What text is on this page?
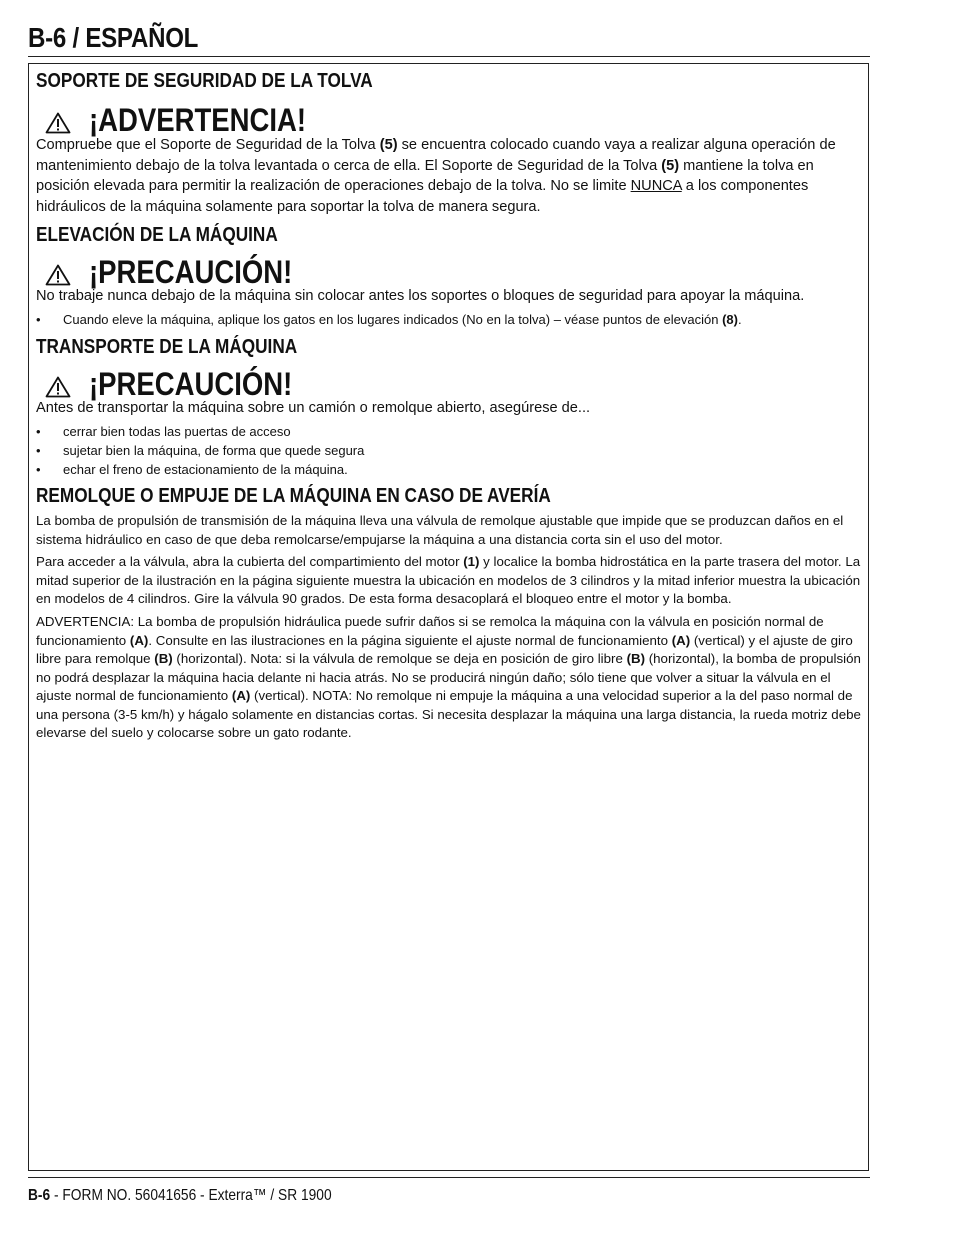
B-6 / ESPAÑOL
SOPORTE DE SEGURIDAD DE LA TOLVA
¡ADVERTENCIA!
Compruebe que el Soporte de Seguridad de la Tolva (5) se encuentra colocado cuando vaya a realizar alguna operación de mantenimiento debajo de la tolva levantada o cerca de ella. El Soporte de Seguridad de la Tolva (5) mantiene la tolva en posición elevada para permitir la realización de operaciones debajo de la tolva. No se limite NUNCA a los componentes hidráulicos de la máquina solamente para soportar la tolva de manera segura.
ELEVACIÓN DE LA MÁQUINA
¡PRECAUCIÓN!
No trabaje nunca debajo de la máquina sin colocar antes los soportes o bloques de seguridad para apoyar la máquina.
• Cuando eleve la máquina, aplique los gatos en los lugares indicados (No en la tolva) – véase puntos de elevación (8).
TRANSPORTE DE LA MÁQUINA
¡PRECAUCIÓN!
Antes de transportar la máquina sobre un camión o remolque abierto, asegúrese de...
• cerrar bien todas las puertas de acceso
• sujetar bien la máquina, de forma que quede segura
• echar el freno de estacionamiento de la máquina.
REMOLQUE O EMPUJE DE LA MÁQUINA EN CASO DE AVERÍA
La bomba de propulsión de transmisión de la máquina lleva una válvula de remolque ajustable que impide que se produzcan daños en el sistema hidráulico en caso de que deba remolcarse/empujarse la máquina a una distancia corta sin el uso del motor.
Para acceder a la válvula, abra la cubierta del compartimiento del motor (1) y localice la bomba hidrostática en la parte trasera del motor. La mitad superior de la ilustración en la página siguiente muestra la ubicación en modelos de 3 cilindros y la mitad inferior muestra la ubicación en modelos de 4 cilindros. Gire la válvula 90 grados. De esta forma desacoplará el bloqueo entre el motor y la bomba.
ADVERTENCIA: La bomba de propulsión hidráulica puede sufrir daños si se remolca la máquina con la válvula en posición normal de funcionamiento (A). Consulte en las ilustraciones en la página siguiente el ajuste normal de funcionamiento (A) (vertical) y el ajuste de giro libre para remolque (B) (horizontal). Nota: si la válvula de remolque se deja en posición de giro libre (B) (horizontal), la bomba de propulsión no podrá desplazar la máquina hacia delante ni hacia atrás. No se producirá ningún daño; sólo tiene que volver a situar la válvula en el ajuste normal de funcionamiento (A) (vertical). NOTA: No remolque ni empuje la máquina a una velocidad superior a la del paso normal de una persona (3-5 km/h) y hágalo solamente en distancias cortas. Si necesita desplazar la máquina una larga distancia, la rueda motriz debe elevarse del suelo y colocarse sobre un gato rodante.
B-6 - FORM NO. 56041656 - Exterra™ / SR 1900
